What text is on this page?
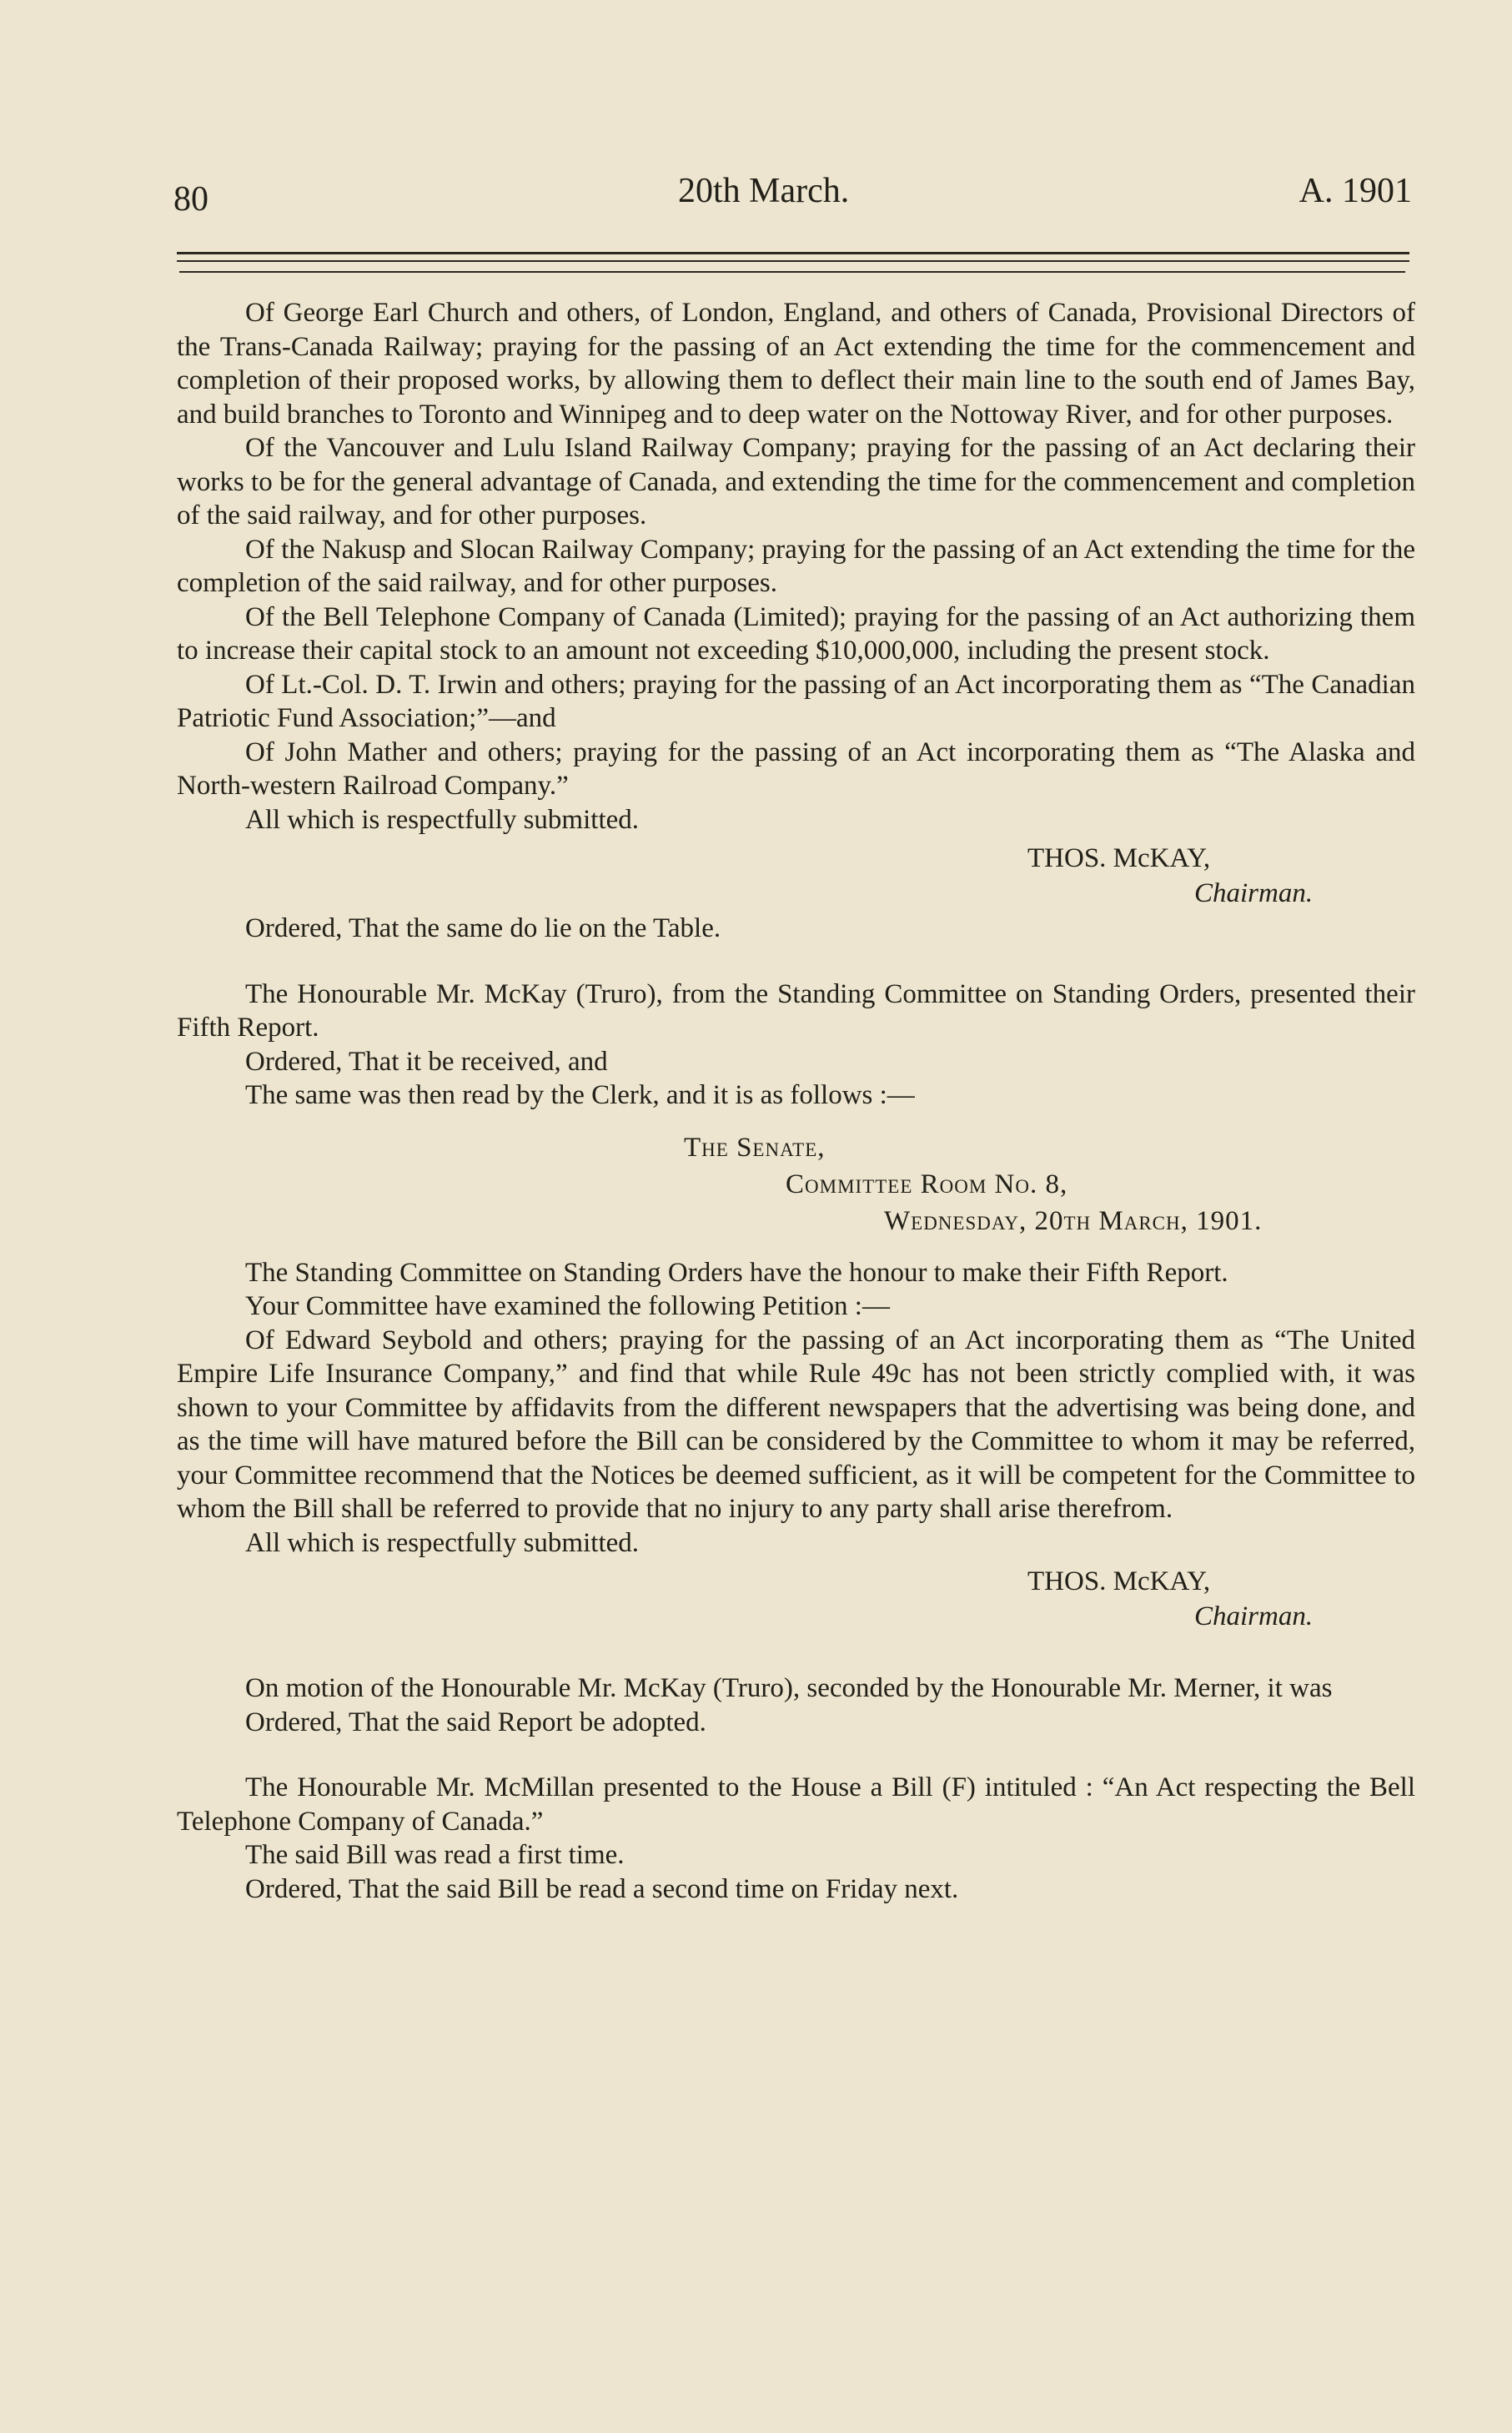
80	20th March.	A. 1901

Of George Earl Church and others, of London, England, and others of Canada, Provisional Directors of the Trans-Canada Railway; praying for the passing of an Act extending the time for the commencement and completion of their proposed works, by allowing them to deflect their main line to the south end of James Bay, and build branches to Toronto and Winnipeg and to deep water on the Nottoway River, and for other purposes.

Of the Vancouver and Lulu Island Railway Company; praying for the passing of an Act declaring their works to be for the general advantage of Canada, and extending the time for the commencement and completion of the said railway, and for other purposes.

Of the Nakusp and Slocan Railway Company; praying for the passing of an Act extending the time for the completion of the said railway, and for other purposes.

Of the Bell Telephone Company of Canada (Limited); praying for the passing of an Act authorizing them to increase their capital stock to an amount not exceeding $10,000,000, including the present stock.

Of Lt.-Col. D. T. Irwin and others; praying for the passing of an Act incorporating them as “The Canadian Patriotic Fund Association;”—and

Of John Mather and others; praying for the passing of an Act incorporating them as “The Alaska and North-western Railroad Company.”

All which is respectfully submitted.

THOS. McKAY,
Chairman.

Ordered, That the same do lie on the Table.

The Honourable Mr. McKay (Truro), from the Standing Committee on Standing Orders, presented their Fifth Report.

Ordered, That it be received, and

The same was then read by the Clerk, and it is as follows :—

The Senate,
Committee Room No. 8,
Wednesday, 20th March, 1901.

The Standing Committee on Standing Orders have the honour to make their Fifth Report.

Your Committee have examined the following Petition :—

Of Edward Seybold and others; praying for the passing of an Act incorporating them as “The United Empire Life Insurance Company,” and find that while Rule 49c has not been strictly complied with, it was shown to your Committee by affidavits from the different newspapers that the advertising was being done, and as the time will have matured before the Bill can be considered by the Committee to whom it may be referred, your Committee recommend that the Notices be deemed sufficient, as it will be competent for the Committee to whom the Bill shall be referred to provide that no injury to any party shall arise therefrom.

All which is respectfully submitted.

THOS. McKAY,
Chairman.

On motion of the Honourable Mr. McKay (Truro), seconded by the Honourable Mr. Merner, it was

Ordered, That the said Report be adopted.

The Honourable Mr. McMillan presented to the House a Bill (F) intituled : “An Act respecting the Bell Telephone Company of Canada.”

The said Bill was read a first time.

Ordered, That the said Bill be read a second time on Friday next.
